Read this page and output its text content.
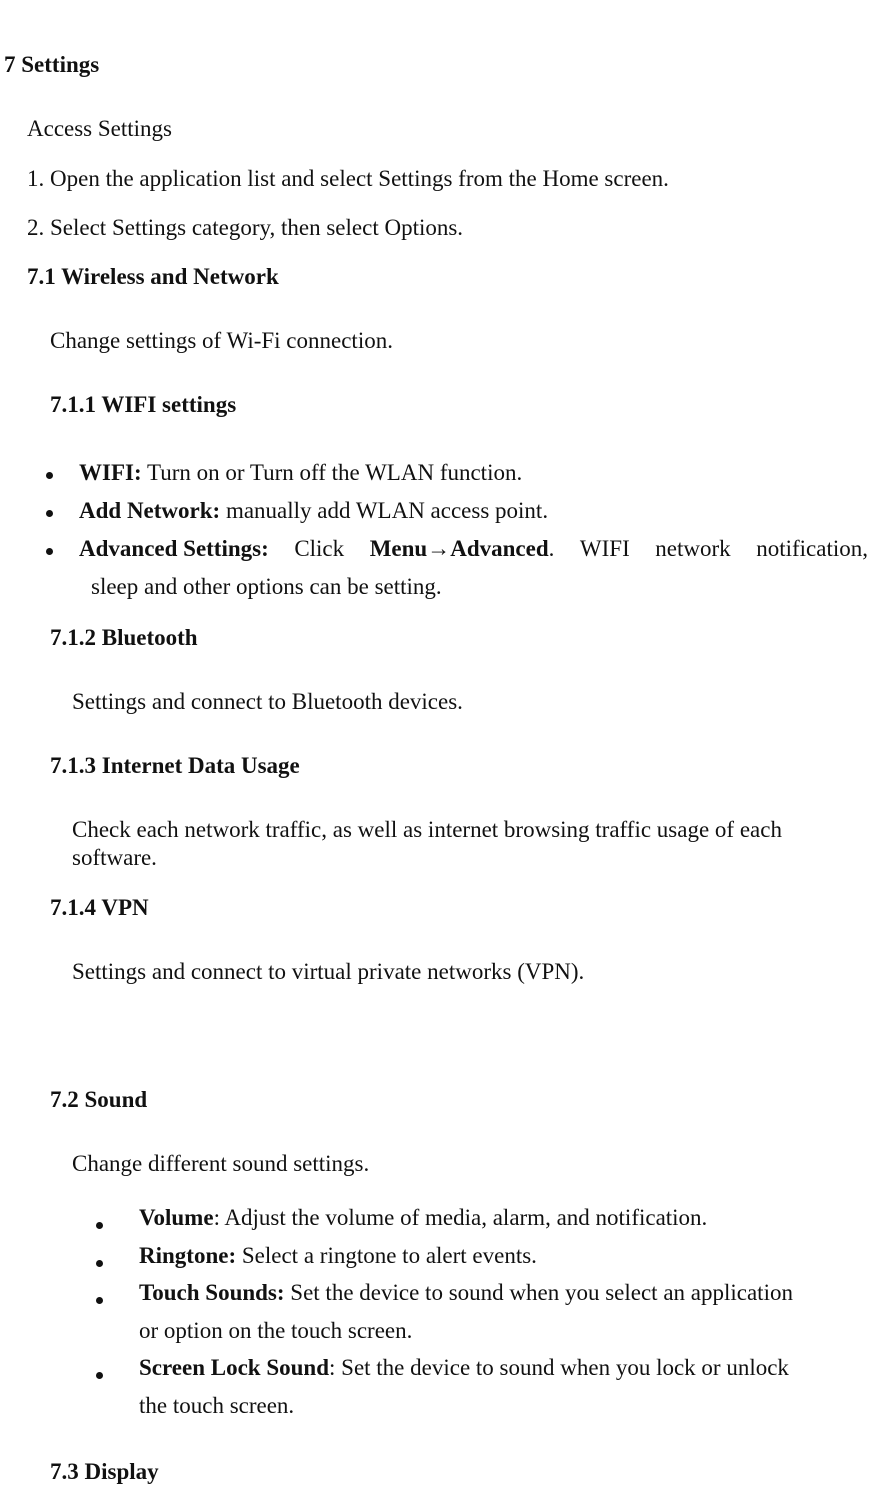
7 Settings
Access Settings
1. Open the application list and select Settings from the Home screen.
2. Select Settings category, then select Options.
7.1 Wireless and Network
Change settings of Wi-Fi connection.
7.1.1 WIFI settings
WIFI: Turn on or Turn off the WLAN function.
Add Network: manually add WLAN access point.
Advanced Settings: Click Menu→Advanced. WIFI network notification,
sleep and other options can be setting.
7.1.2 Bluetooth
Settings and connect to Bluetooth devices.
7.1.3 Internet Data Usage
Check each network traffic, as well as internet browsing traffic usage of each
software.
7.1.4 VPN
Settings and connect to virtual private networks (VPN).
7.2 Sound
Change different sound settings.
Volume: Adjust the volume of media, alarm, and notification.
Ringtone: Select a ringtone to alert events.
Touch Sounds: Set the device to sound when you select an application
or option on the touch screen.
Screen Lock Sound: Set the device to sound when you lock or unlock
the touch screen.
7.3 Display
